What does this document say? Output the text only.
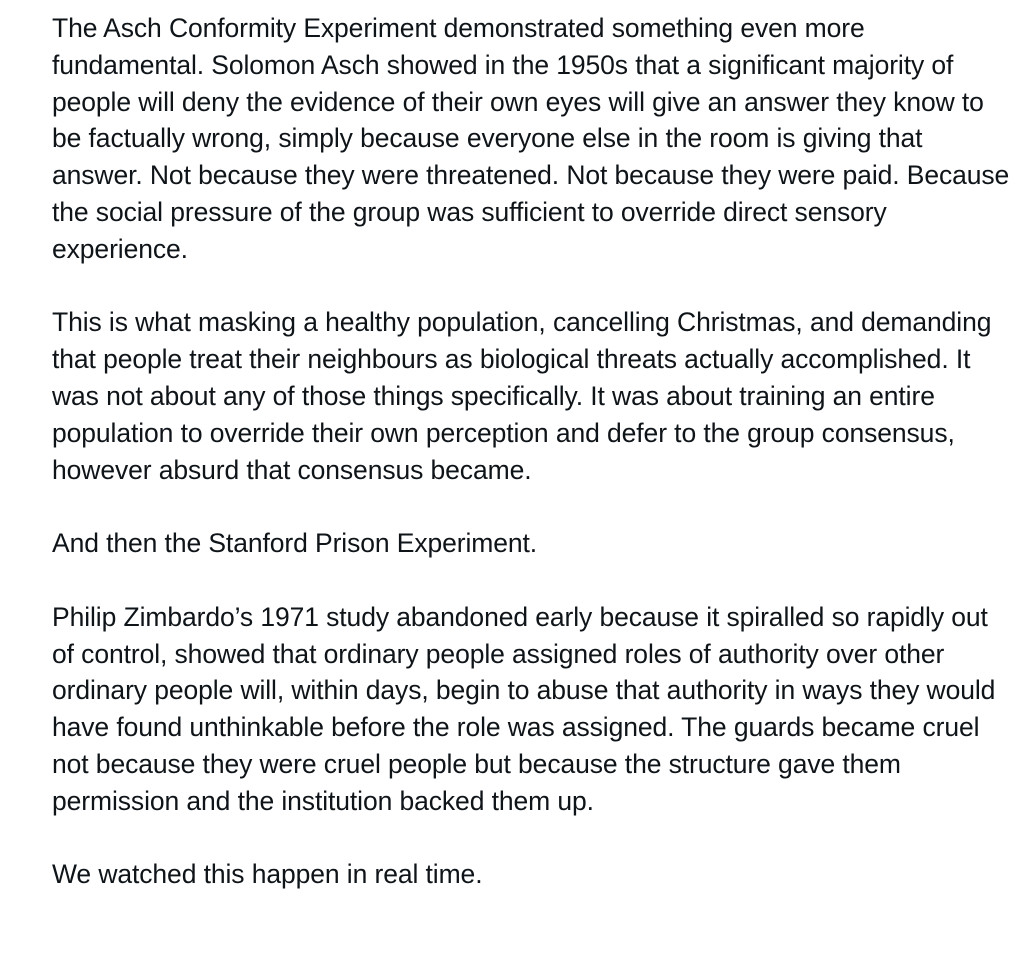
The Asch Conformity Experiment demonstrated something even more fundamental. Solomon Asch showed in the 1950s that a significant majority of people will deny the evidence of their own eyes will give an answer they know to be factually wrong, simply because everyone else in the room is giving that answer. Not because they were threatened. Not because they were paid. Because the social pressure of the group was sufficient to override direct sensory experience.

This is what masking a healthy population, cancelling Christmas, and demanding that people treat their neighbours as biological threats actually accomplished. It was not about any of those things specifically. It was about training an entire population to override their own perception and defer to the group consensus, however absurd that consensus became.

And then the Stanford Prison Experiment.

Philip Zimbardo’s 1971 study abandoned early because it spiralled so rapidly out of control, showed that ordinary people assigned roles of authority over other ordinary people will, within days, begin to abuse that authority in ways they would have found unthinkable before the role was assigned. The guards became cruel not because they were cruel people but because the structure gave them permission and the institution backed them up.

We watched this happen in real time.
